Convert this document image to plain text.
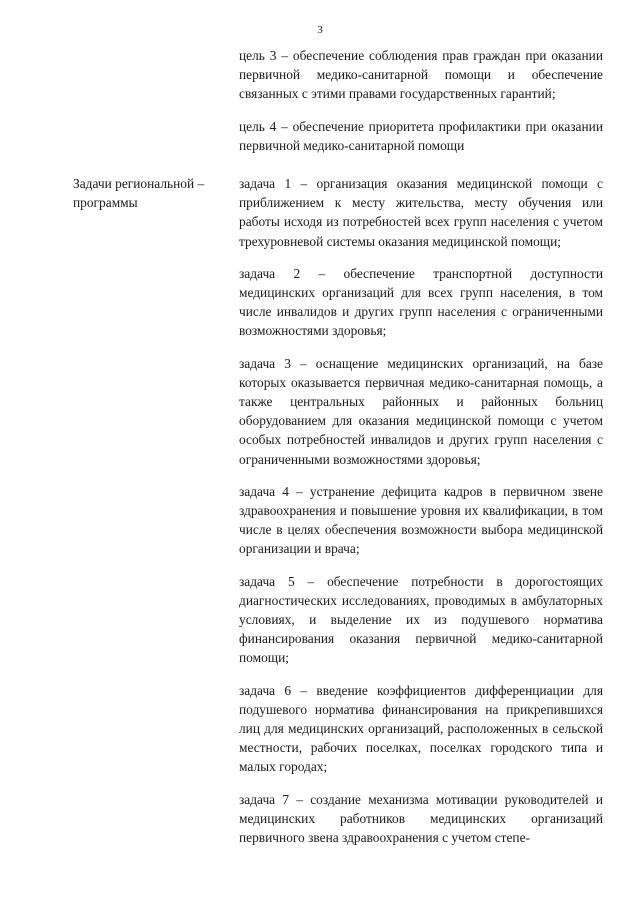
3

цель 3 – обеспечение соблюдения прав граждан при оказании первичной медико-санитарной помощи и обеспечение связанных с этими правами государственных гарантий;

цель 4 – обеспечение приоритета профилактики при оказании первичной медико-санитарной помощи

Задачи региональной – программы

задача 1 – организация оказания медицинской помощи с приближением к месту жительства, месту обучения или работы исходя из потребностей всех групп населения с учетом трехуровневой системы оказания медицинской помощи;

задача 2 – обеспечение транспортной доступности медицинских организаций для всех групп населения, в том числе инвалидов и других групп населения с ограниченными возможностями здоровья;

задача 3 – оснащение медицинских организаций, на базе которых оказывается первичная медико-санитарная помощь, а также центральных районных и районных больниц оборудованием для оказания медицинской помощи с учетом особых потребностей инвалидов и других групп населения с ограниченными возможностями здоровья;

задача 4 – устранение дефицита кадров в первичном звене здравоохранения и повышение уровня их квалификации, в том числе в целях обеспечения возможности выбора медицинской организации и врача;

задача 5 – обеспечение потребности в дорогостоящих диагностических исследованиях, проводимых в амбулаторных условиях, и выделение их из подушевого норматива финансирования оказания первичной медико-санитарной помощи;

задача 6 – введение коэффициентов дифференциации для подушевого норматива финансирования на прикрепившихся лиц для медицинских организаций, расположенных в сельской местности, рабочих поселках, поселках городского типа и малых городах;

задача 7 – создание механизма мотивации руководителей и медицинских работников медицинских организаций первичного звена здравоохранения с учетом степе-
